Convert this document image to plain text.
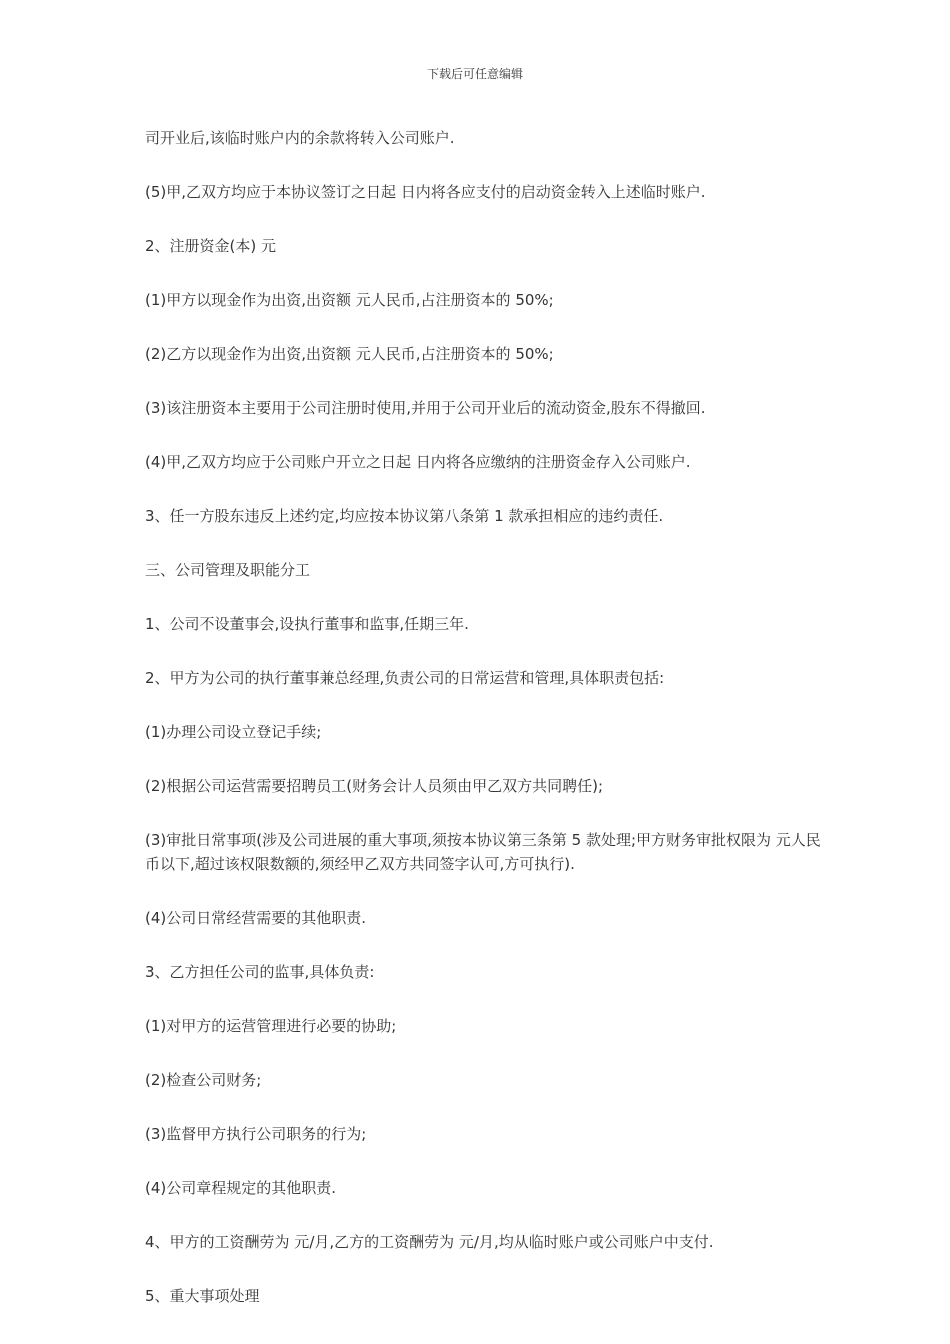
下载后可任意编辑

司开业后,该临时账户内的余款将转入公司账户.

(5)甲,乙双方均应于本协议签订之日起 日内将各应支付的启动资金转入上述临时账户.

2、注册资金(本) 元

(1)甲方以现金作为出资,出资额 元人民币,占注册资本的 50%;

(2)乙方以现金作为出资,出资额 元人民币,占注册资本的 50%;

(3)该注册资本主要用于公司注册时使用,并用于公司开业后的流动资金,股东不得撤回.

(4)甲,乙双方均应于公司账户开立之日起 日内将各应缴纳的注册资金存入公司账户.

3、任一方股东违反上述约定,均应按本协议第八条第 1 款承担相应的违约责任.

三、公司管理及职能分工

1、公司不设董事会,设执行董事和监事,任期三年.

2、甲方为公司的执行董事兼总经理,负责公司的日常运营和管理,具体职责包括:

(1)办理公司设立登记手续;

(2)根据公司运营需要招聘员工(财务会计人员须由甲乙双方共同聘任);

(3)审批日常事项(涉及公司进展的重大事项,须按本协议第三条第 5 款处理;甲方财务审批权限为 元人民币以下,超过该权限数额的,须经甲乙双方共同签字认可,方可执行).

(4)公司日常经营需要的其他职责.

3、乙方担任公司的监事,具体负责:

(1)对甲方的运营管理进行必要的协助;

(2)检查公司财务;

(3)监督甲方执行公司职务的行为;

(4)公司章程规定的其他职责.

4、甲方的工资酬劳为 元/月,乙方的工资酬劳为 元/月,均从临时账户或公司账户中支付.

5、重大事项处理
